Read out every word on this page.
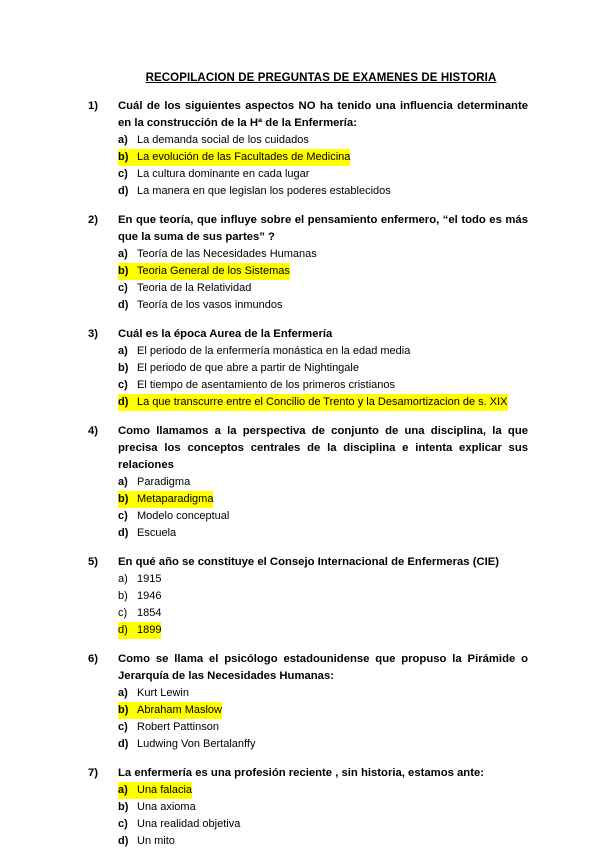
RECOPILACION DE PREGUNTAS DE EXAMENES DE HISTORIA
1)	Cuál de los siguientes aspectos NO ha tenido una influencia determinante en la construcción de la Hª de la Enfermería:
a) La demanda social de los cuidados
b) La evolución de las Facultades de Medicina
c) La cultura dominante en cada lugar
d) La manera en que legislan los poderes establecidos
2)	En que teoría, que influye sobre el pensamiento enfermero, “el todo es más que la suma de sus partes” ?
a) Teoría de las Necesidades Humanas
b) Teoria General de los Sistemas
c) Teoria de la Relatividad
d) Teoría de los vasos inmundos
3)	Cuál es la época Aurea de la Enfermería
a) El periodo de la enfermería monástica en la edad media
b) El periodo de que abre a partir de Nightingale
c) El tiempo de asentamiento de los primeros cristianos
d) La que transcurre entre el Concilio de Trento y la Desamortizacion de s. XIX
4)	Como llamamos a la perspectiva de conjunto de una disciplina, la que precisa los conceptos centrales de la disciplina e intenta explicar sus relaciones
a) Paradigma
b) Metaparadigma
c) Modelo conceptual
d) Escuela
5)	En qué año se constituye el Consejo Internacional de Enfermeras (CIE)
a) 1915
b) 1946
c) 1854
d) 1899
6)	Como se llama el psicólogo estadounidense que propuso la Pirámide o Jerarquía de las Necesidades Humanas:
a) Kurt Lewin
b) Abraham Maslow
c) Robert Pattinson
d) Ludwing Von Bertalanffy
7)	La enfermería es una profesión reciente , sin historia, estamos ante:
a) Una falacia
b) Una axioma
c) Una realidad objetiva
d) Un mito
